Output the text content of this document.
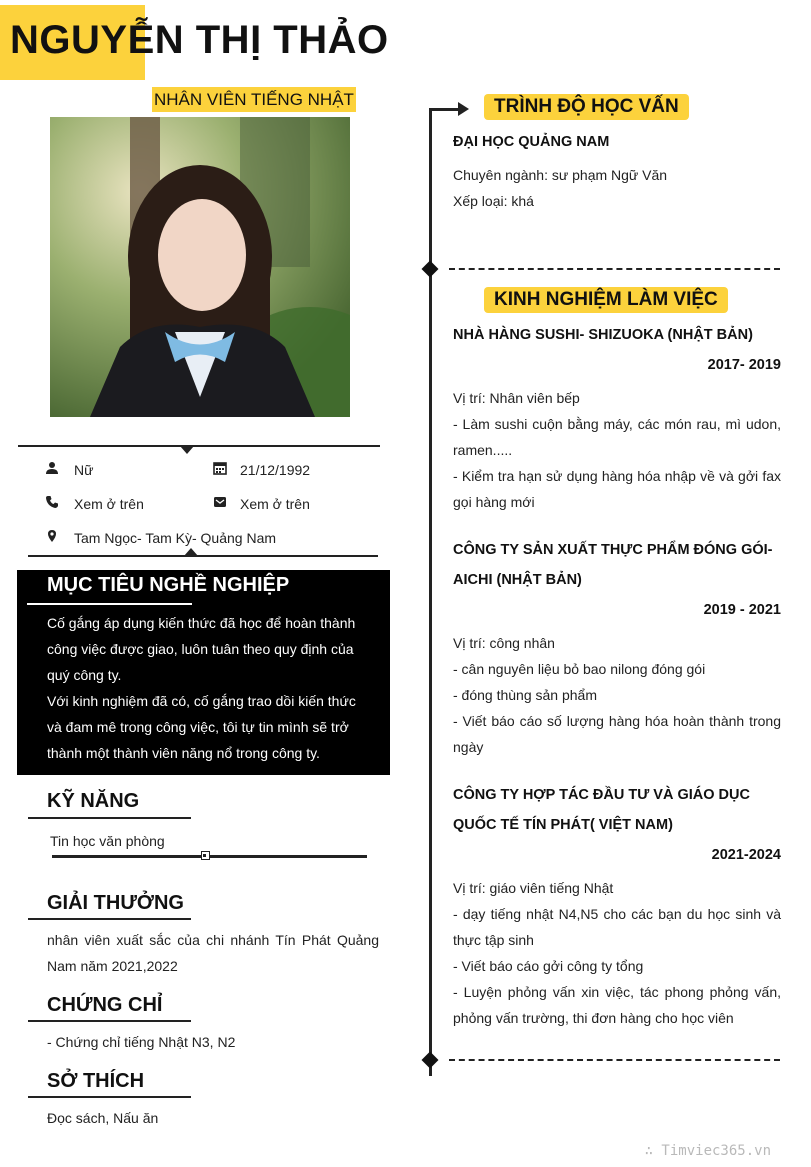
NGUYỄN THỊ THẢO
NHÂN VIÊN TIẾNG NHẬT
Nữ	21/12/1992
Xem ở trên	Xem ở trên
Tam Ngọc- Tam Kỳ- Quảng Nam
MỤC TIÊU NGHỀ NGHIỆP
Cố gắng áp dụng kiến thức đã học để hoàn thành công việc được giao, luôn tuân theo quy định của quý công ty.
Với kinh nghiệm đã có, cố gắng trao dồi kiến thức và đam mê trong công việc, tôi tự tin mình sẽ trở thành một thành viên năng nổ trong công ty.
KỸ NĂNG
Tin học văn phòng
GIẢI THƯỞNG
nhân viên xuất sắc của chi nhánh Tín Phát Quảng Nam năm 2021,2022
CHỨNG CHỈ
- Chứng chỉ tiếng Nhật N3, N2
SỞ THÍCH
Đọc sách, Nấu ăn
TRÌNH ĐỘ HỌC VẤN
ĐẠI HỌC QUẢNG NAM
Chuyên ngành: sư phạm Ngữ Văn
Xếp loại: khá
KINH NGHIỆM LÀM VIỆC
NHÀ HÀNG SUSHI- SHIZUOKA (NHẬT BẢN)
2017- 2019
Vị trí: Nhân viên bếp
- Làm sushi cuộn bằng máy, các món rau, mì udon, ramen.....
- Kiểm tra hạn sử dụng hàng hóa nhập về và gởi fax gọi hàng mới
CÔNG TY SẢN XUẤT THỰC PHẨM ĐÓNG GÓI- AICHI (NHẬT BẢN)
2019 - 2021
Vị trí: công nhân
- cân nguyên liệu bỏ bao nilong đóng gói
- đóng thùng sản phẩm
- Viết báo cáo số lượng hàng hóa hoàn thành trong ngày
CÔNG TY HỢP TÁC ĐẦU TƯ VÀ GIÁO DỤC QUỐC TẾ TÍN PHÁT( VIỆT NAM)
2021-2024
Vị trí: giáo viên tiếng Nhật
- dạy tiếng nhật N4,N5 cho các bạn du học sinh và thực tập sinh
- Viết báo cáo gởi công ty tổng
- Luyện phỏng vấn xin việc, tác phong phỏng vấn, phỏng vấn trường, thi đơn hàng cho học viên
∴ Timviec365.vn
